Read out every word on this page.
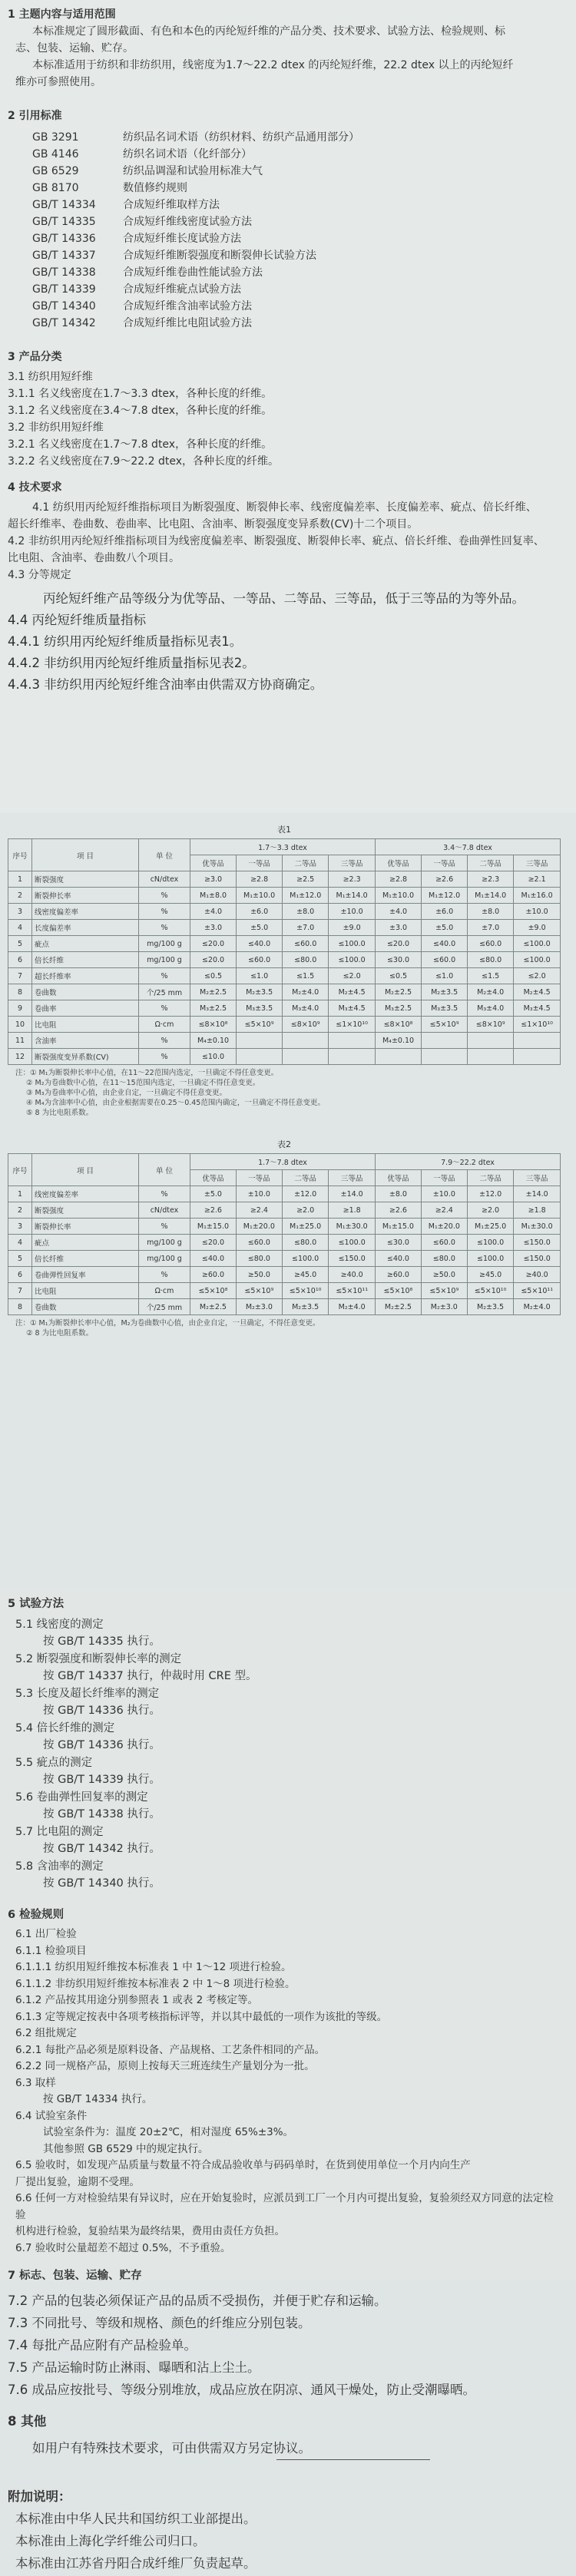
1 主题内容与适用范围

本标准规定了圆形截面、有色和本色的丙纶短纤维的产品分类、技术要求、试验方法、检验规则、标

志、包装、运输、贮存。

本标准适用于纺织和非纺织用，线密度为1.7～22.2 dtex 的丙纶短纤维，22.2 dtex 以上的丙纶短纤

维亦可参照使用。

2 引用标准
GB 3291	纺织品名词术语（纺织材料、纺织产品通用部分）
GB 4146	纺织名词术语（化纤部分）
GB 6529	纺织品调湿和试验用标准大气
GB 8170	数值修约规则
GB/T 14334	合成短纤维取样方法
GB/T 14335	合成短纤维线密度试验方法
GB/T 14336	合成短纤维长度试验方法
GB/T 14337	合成短纤维断裂强度和断裂伸长试验方法
GB/T 14338	合成短纤维卷曲性能试验方法
GB/T 14339	合成短纤维疵点试验方法
GB/T 14340	合成短纤维含油率试验方法
GB/T 14342	合成短纤维比电阻试验方法
3 产品分类

3.1 纺织用短纤维

3.1.1 名义线密度在1.7～3.3 dtex，各种长度的纤维。

3.1.2 名义线密度在3.4～7.8 dtex，各种长度的纤维。

3.2 非纺织用短纤维

3.2.1 名义线密度在1.7～7.8 dtex，各种长度的纤维。

3.2.2 名义线密度在7.9～22.2 dtex，各种长度的纤维。

4 技术要求

4.1 纺织用丙纶短纤维指标项目为断裂强度、断裂伸长率、线密度偏差率、长度偏差率、疵点、倍长纤维、

超长纤维率、卷曲数、卷曲率、比电阻、含油率、断裂强度变异系数(CV)十二个项目。

4.2 非纺织用丙纶短纤维指标项目为线密度偏差率、断裂强度、断裂伸长率、疵点、倍长纤维、卷曲弹性回复率、

比电阻、含油率、卷曲数八个项目。

4.3 分等规定

丙纶短纤维产品等级分为优等品、一等品、二等品、三等品，低于三等品的为等外品。

4.4 丙纶短纤维质量指标

4.4.1 纺织用丙纶短纤维质量指标见表1。

4.4.2 非纺织用丙纶短纤维质量指标见表2。

4.4.3 非纺织用丙纶短纤维含油率由供需双方协商确定。

表1
序号	项 目	单 位	1.7～3.3 dtex				3.4～7.8 dtex			
			优等品	一等品	二等品	三等品	优等品	一等品	二等品	三等品
1	断裂强度	cN/dtex	≥3.0	≥2.8	≥2.5	≥2.3	≥2.8	≥2.6	≥2.3	≥2.1
2	断裂伸长率	%	M₁±8.0	M₁±10.0	M₁±12.0	M₁±14.0	M₁±10.0	M₁±12.0	M₁±14.0	M₁±16.0
3	线密度偏差率	%	±4.0	±6.0	±8.0	±10.0	±4.0	±6.0	±8.0	±10.0
4	长度偏差率	%	±3.0	±5.0	±7.0	±9.0	±3.0	±5.0	±7.0	±9.0
5	疵点	mg/100 g	≤20.0	≤40.0	≤60.0	≤100.0	≤20.0	≤40.0	≤60.0	≤100.0
6	倍长纤维	mg/100 g	≤20.0	≤60.0	≤80.0	≤100.0	≤30.0	≤60.0	≤80.0	≤100.0
7	超长纤维率	%	≤0.5	≤1.0	≤1.5	≤2.0	≤0.5	≤1.0	≤1.5	≤2.0
8	卷曲数	个/25 mm	M₂±2.5	M₂±3.5	M₂±4.0	M₂±4.5	M₂±2.5	M₂±3.5	M₂±4.0	M₂±4.5
9	卷曲率	%	M₃±2.5	M₃±3.5	M₃±4.0	M₃±4.5	M₃±2.5	M₃±3.5	M₃±4.0	M₃±4.5
10	比电阻	Ω·cm	≤8×10⁸	≤5×10⁹	≤8×10⁹	≤1×10¹⁰	≤8×10⁸	≤5×10⁹	≤8×10⁹	≤1×10¹⁰
11	含油率	%	M₄±0.10				M₄±0.10			
12	断裂强度变异系数(CV)	%	≤10.0							
注：① M₁为断裂伸长率中心值，在11～22范围内选定，一旦确定不得任意变更。
② M₂为卷曲数中心值，在11～15范围内选定，一旦确定不得任意变更。
③ M₃为卷曲率中心值，由企业自定，一旦确定不得任意变更。
④ M₄为含油率中心值，由企业根据需要在0.25～0.45范围内确定，一旦确定不得任意变更。
⑤ 8 为比电阻系数。
表2
序号	项 目	单 位	1.7～7.8 dtex				7.9～22.2 dtex			
			优等品	一等品	二等品	三等品	优等品	一等品	二等品	三等品
1	线密度偏差率	%	±5.0	±10.0	±12.0	±14.0	±8.0	±10.0	±12.0	±14.0
2	断裂强度	cN/dtex	≥2.6	≥2.4	≥2.0	≥1.8	≥2.6	≥2.4	≥2.0	≥1.8
3	断裂伸长率	%	M₁±15.0	M₁±20.0	M₁±25.0	M₁±30.0	M₁±15.0	M₁±20.0	M₁±25.0	M₁±30.0
4	疵点	mg/100 g	≤20.0	≤60.0	≤80.0	≤100.0	≤30.0	≤60.0	≤100.0	≤150.0
5	倍长纤维	mg/100 g	≤40.0	≤80.0	≤100.0	≤150.0	≤40.0	≤80.0	≤100.0	≤150.0
6	卷曲弹性回复率	%	≥60.0	≥50.0	≥45.0	≥40.0	≥60.0	≥50.0	≥45.0	≥40.0
7	比电阻	Ω·cm	≤5×10⁸	≤5×10⁹	≤5×10¹⁰	≤5×10¹¹	≤5×10⁸	≤5×10⁹	≤5×10¹⁰	≤5×10¹¹
8	卷曲数	个/25 mm	M₂±2.5	M₂±3.0	M₂±3.5	M₂±4.0	M₂±2.5	M₂±3.0	M₂±3.5	M₂±4.0
注：① M₁为断裂伸长率中心值，M₂为卷曲数中心值，由企业自定，一旦确定，不得任意变更。
② 8 为比电阻系数。
5 试验方法

5.1 线密度的测定

按 GB/T 14335 执行。

5.2 断裂强度和断裂伸长率的测定

按 GB/T 14337 执行，仲裁时用 CRE 型。

5.3 长度及超长纤维率的测定

按 GB/T 14336 执行。

5.4 倍长纤维的测定

按 GB/T 14336 执行。

5.5 疵点的测定

按 GB/T 14339 执行。

5.6 卷曲弹性回复率的测定

按 GB/T 14338 执行。

5.7 比电阻的测定

按 GB/T 14342 执行。

5.8 含油率的测定

按 GB/T 14340 执行。

6 检验规则

6.1 出厂检验

6.1.1 检验项目

6.1.1.1 纺织用短纤维按本标准表 1 中 1～12 项进行检验。

6.1.1.2 非纺织用短纤维按本标准表 2 中 1～8 项进行检验。

6.1.2 产品按其用途分别参照表 1 或表 2 考核定等。

6.1.3 定等规定按表中各项考核指标评等，并以其中最低的一项作为该批的等级。

6.2 组批规定

6.2.1 每批产品必须是原料设备、产品规格、工艺条件相同的产品。

6.2.2 同一规格产品，原则上按每天三班连续生产量划分为一批。

6.3 取样

按 GB/T 14334 执行。

6.4 试验室条件

试验室条件为：温度 20±2℃，相对湿度 65%±3%。

其他参照 GB 6529 中的规定执行。

6.5 验收时，如发现产品质量与数量不符合成品验收单与码码单时，在货到使用单位一个月内向生产

厂提出复验，逾期不受理。

6.6 任何一方对检验结果有异议时，应在开始复验时，应派员到工厂一个月内可提出复验，复验须经双方同意的法定检验

机构进行检验，复验结果为最终结果，费用由责任方负担。

6.7 验收时公量超差不超过 0.5%，不予重验。

7 标志、包装、运输、贮存

7.2 产品的包装必须保证产品的品质不受损伤，并便于贮存和运输。

7.3 不同批号、等级和规格、颜色的纤维应分别包装。

7.4 每批产品应附有产品检验单。

7.5 产品运输时防止淋雨、曝晒和沾上尘土。

7.6 成品应按批号、等级分别堆放，成品应放在阴凉、通风干燥处，防止受潮曝晒。

8 其他

如用户有特殊技术要求，可由供需双方另定协议。

附加说明：

本标准由中华人民共和国纺织工业部提出。

本标准由上海化学纤维公司归口。

本标准由江苏省丹阳合成纤维厂负责起草。
